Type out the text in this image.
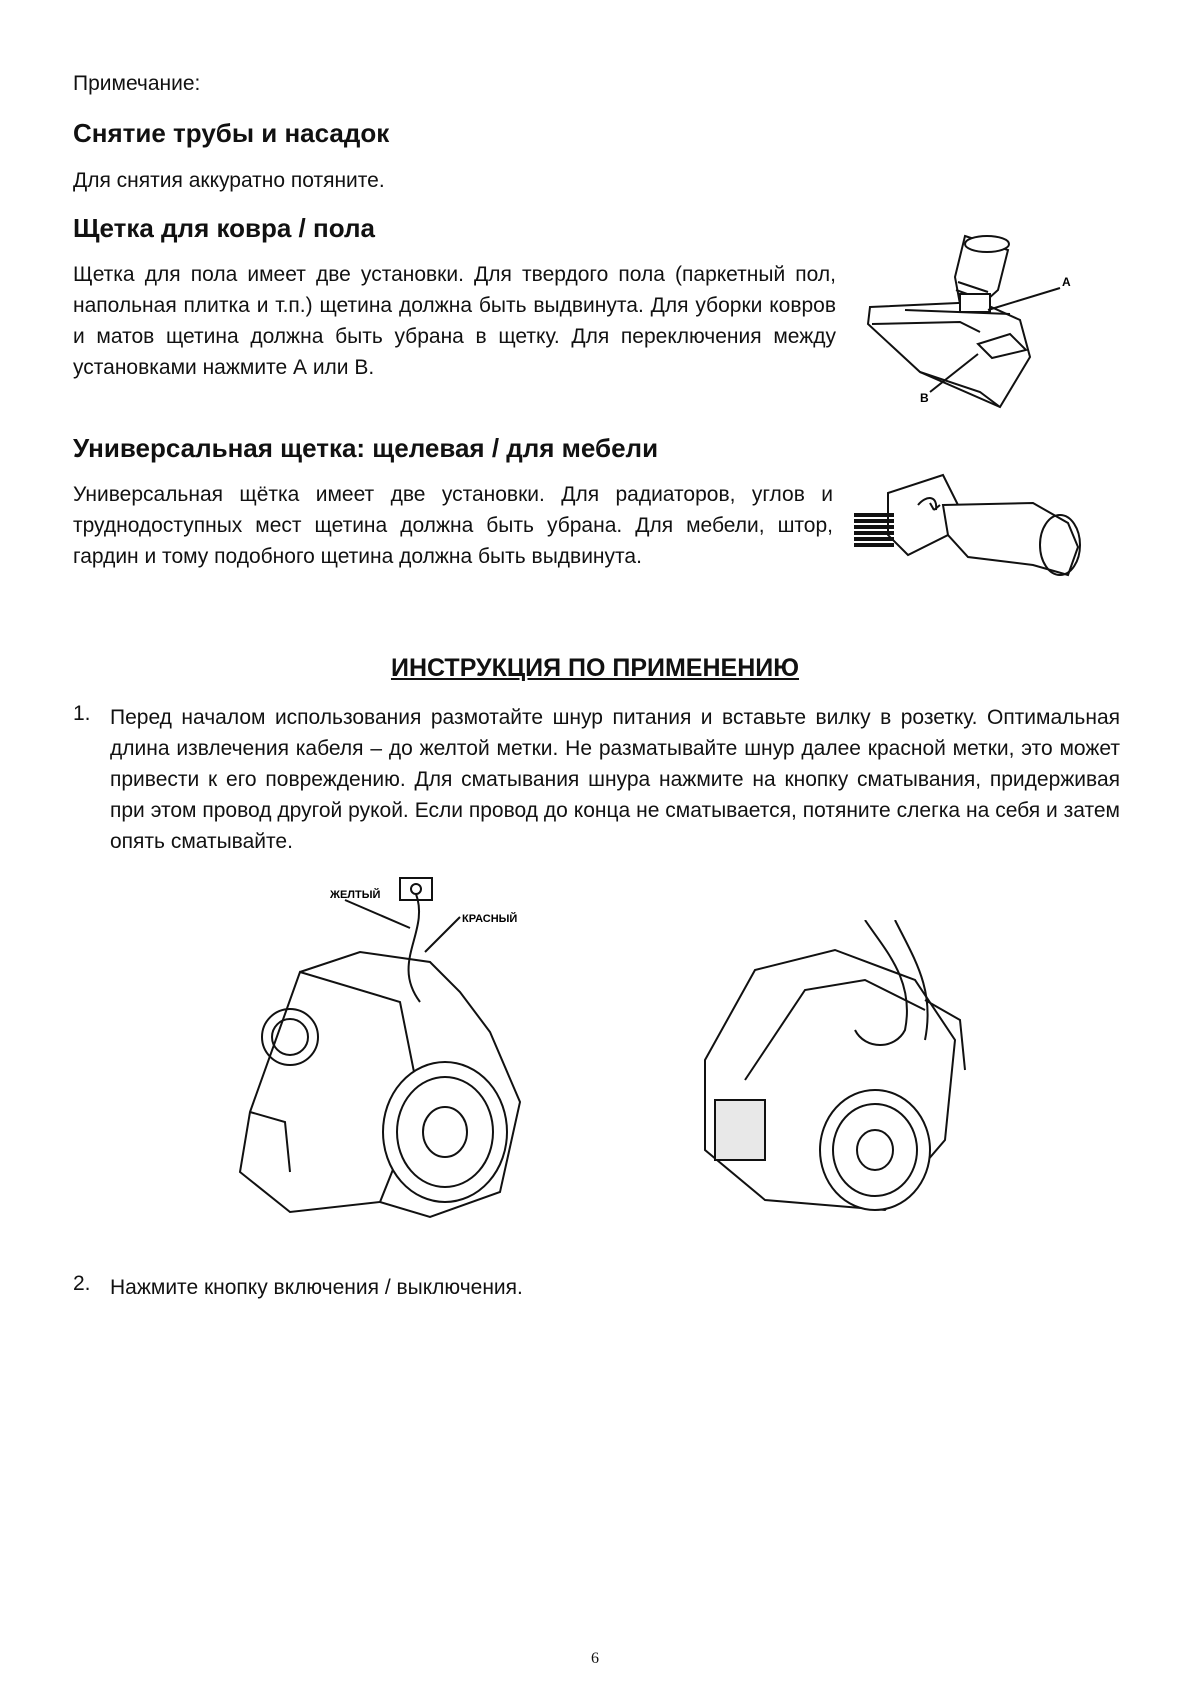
Примечание:
Снятие трубы и насадок
Для снятия аккуратно потяните.
Щетка для ковра / пола
Щетка для пола имеет две установки. Для твердого пола (паркетный пол, напольная плитка и т.п.) щетина должна быть выдвинута. Для уборки ковров и матов щетина должна быть убрана в щетку. Для переключения между установками нажмите А или В.
A
B
Универсальная щетка: щелевая / для мебели
Универсальная щётка имеет две установки. Для радиаторов, углов и труднодоступных мест щетина должна быть убрана. Для мебели, штор, гардин и тому подобного щетина должна быть выдвинута.
ИНСТРУКЦИЯ ПО ПРИМЕНЕНИЮ
1. Перед началом использования размотайте шнур питания и вставьте вилку в розетку. Оптимальная длина извлечения кабеля – до желтой метки. Не разматывайте шнур далее красной метки, это может привести к его повреждению. Для сматывания шнура нажмите на кнопку сматывания, придерживая при этом провод другой рукой. Если провод до конца не сматывается, потяните слегка на себя и затем опять сматывайте.
ЖЕЛТЫЙ
КРАСНЫЙ
2. Нажмите кнопку включения / выключения.
6
